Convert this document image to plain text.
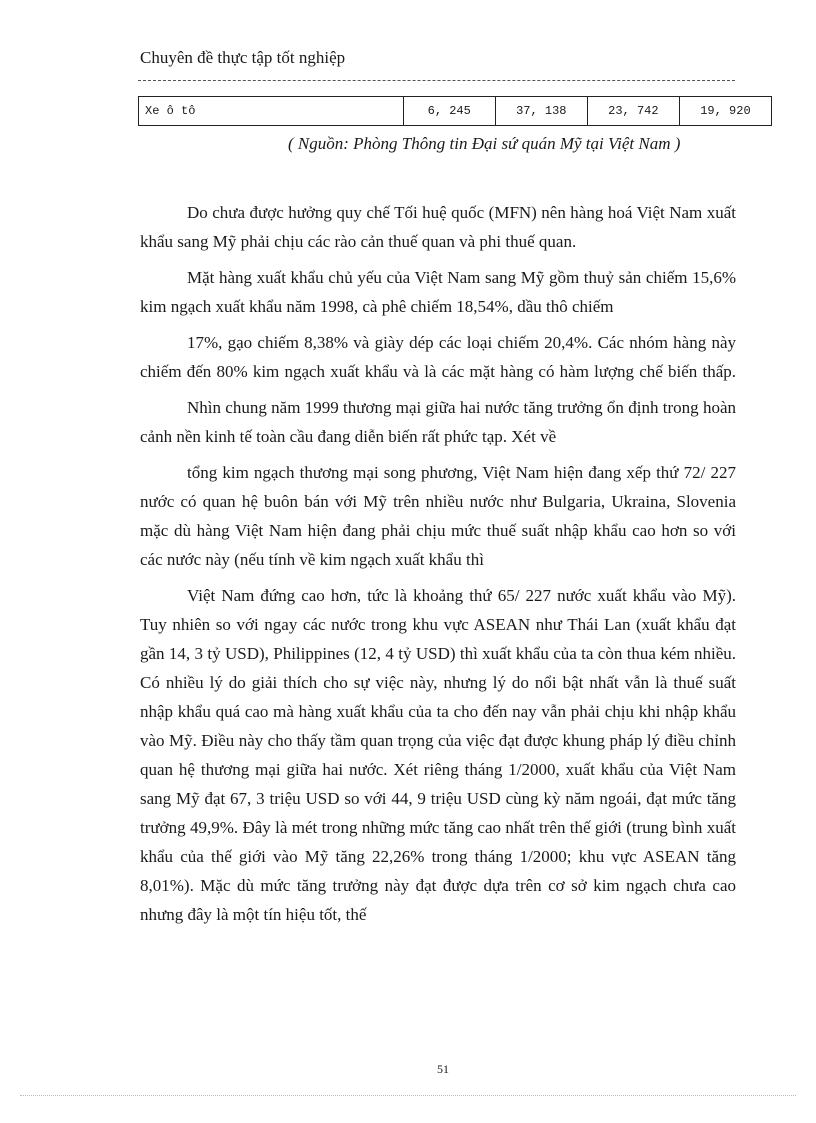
Chuyên đề thực tập tốt nghiệp
Xe ô tô	6, 245	37, 138	23, 742	19, 920
( Nguồn: Phòng Thông tin Đại sứ quán Mỹ tại Việt Nam )

Do chưa được hưởng quy chế Tối huệ quốc (MFN) nên hàng hoá Việt Nam xuất khẩu sang Mỹ phải chịu các rào cản thuế quan và phi thuế quan.

Mặt hàng xuất khẩu chủ yếu của Việt Nam sang Mỹ gồm thuỷ sản chiếm 15,6% kim ngạch xuất khẩu năm 1998, cà phê chiếm 18,54%, dầu thô chiếm

17%, gạo chiếm 8,38% và giày dép các loại chiếm 20,4%. Các nhóm hàng này chiếm đến 80% kim ngạch xuất khẩu và là các mặt hàng có hàm lượng chế biến thấp.

Nhìn chung năm 1999 thương mại giữa hai nước tăng trưởng ổn định trong hoàn cảnh nền kinh tế toàn cầu đang diễn biến rất phức tạp. Xét về

tổng kim ngạch thương mại song phương, Việt Nam hiện đang xếp thứ 72/ 227 nước có quan hệ buôn bán với Mỹ trên nhiều nước như Bulgaria, Ukraina, Slovenia mặc dù hàng Việt Nam hiện đang phải chịu mức thuế suất nhập khẩu cao hơn so với các nước này (nếu tính về kim ngạch xuất khẩu thì

Việt Nam đứng cao hơn, tức là khoảng thứ 65/ 227 nước xuất khẩu vào Mỹ). Tuy nhiên so với ngay các nước trong khu vực ASEAN như Thái Lan (xuất khẩu đạt gần 14, 3 tỷ USD), Philippines (12, 4 tỷ USD) thì xuất khẩu của ta còn thua kém nhiều. Có nhiều lý do giải thích cho sự việc này, nhưng lý do nổi bật nhất vẫn là thuế suất nhập khẩu quá cao mà hàng xuất khẩu của ta cho đến nay vẫn phải chịu khi nhập khẩu vào Mỹ. Điều này cho thấy tầm quan trọng của việc đạt được khung pháp lý điều chỉnh quan hệ thương mại giữa hai nước. Xét riêng tháng 1/2000, xuất khẩu của Việt Nam sang Mỹ đạt 67, 3 triệu USD so với 44, 9 triệu USD cùng kỳ năm ngoái, đạt mức tăng trưởng 49,9%. Đây là mét trong những mức tăng cao nhất trên thế giới (trung bình xuất khẩu của thế giới vào Mỹ tăng 22,26% trong tháng 1/2000; khu vực ASEAN tăng 8,01%). Mặc dù mức tăng trưởng này đạt được dựa trên cơ sở kim ngạch chưa cao nhưng đây là một tín hiệu tốt, thế

51
